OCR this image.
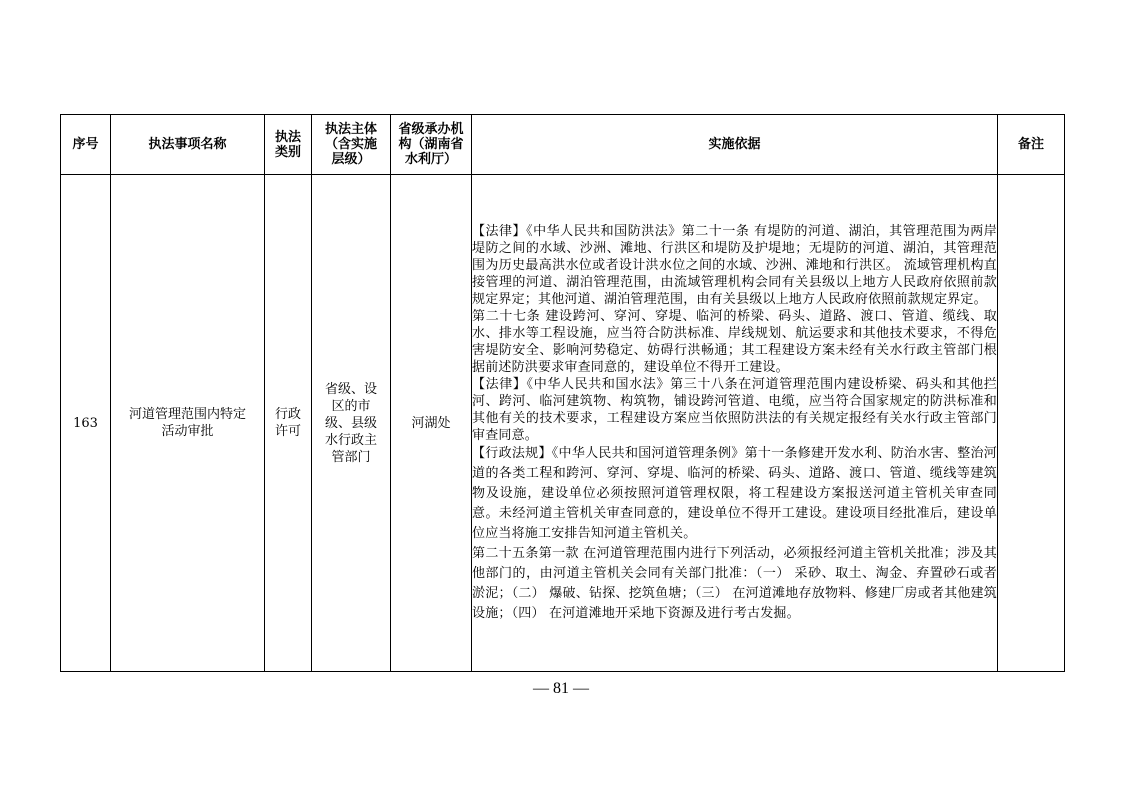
序号	执法事项名称	执法类别	执法主体（含实施层级）	省级承办机构（湖南省水利厅）	实施依据	备注
163	河道管理范围内特定活动审批	行政许可	省级、设区的市级、县级水行政主管部门	河湖处	【法律】《中华人民共和国防洪法》第二十一条 有堤防的河道、湖泊，其管理范围为两岸堤防之间的水域、沙洲、滩地、行洪区和堤防及护堤地；无堤防的河道、湖泊，其管理范围为历史最高洪水位或者设计洪水位之间的水域、沙洲、滩地和行洪区。 流域管理机构直接管理的河道、湖泊管理范围，由流域管理机构会同有关县级以上地方人民政府依照前款规定界定；其他河道、湖泊管理范围，由有关县级以上地方人民政府依照前款规定界定。

第二十七条 建设跨河、穿河、穿堤、临河的桥梁、码头、道路、渡口、管道、缆线、取水、排水等工程设施，应当符合防洪标准、岸线规划、航运要求和其他技术要求，不得危害堤防安全、影响河势稳定、妨碍行洪畅通；其工程建设方案未经有关水行政主管部门根据前述防洪要求审查同意的，建设单位不得开工建设。

【法律】《中华人民共和国水法》第三十八条在河道管理范围内建设桥梁、码头和其他拦河、跨河、临河建筑物、构筑物，铺设跨河管道、电缆，应当符合国家规定的防洪标准和其他有关的技术要求，工程建设方案应当依照防洪法的有关规定报经有关水行政主管部门审查同意。

【行政法规】《中华人民共和国河道管理条例》第十一条修建开发水利、防治水害、整治河道的各类工程和跨河、穿河、穿堤、临河的桥梁、码头、道路、渡口、管道、缆线等建筑物及设施，建设单位必须按照河道管理权限，将工程建设方案报送河道主管机关审查同意。未经河道主管机关审查同意的，建设单位不得开工建设。建设项目经批准后，建设单位应当将施工安排告知河道主管机关。

第二十五条第一款 在河道管理范围内进行下列活动，必须报经河道主管机关批准；涉及其他部门的，由河道主管机关会同有关部门批准：（一） 采砂、取土、淘金、弃置砂石或者淤泥；（二） 爆破、钻探、挖筑鱼塘；（三） 在河道滩地存放物料、修建厂房或者其他建筑设施；（四） 在河道滩地开采地下资源及进行考古发掘。	

— 81 —
